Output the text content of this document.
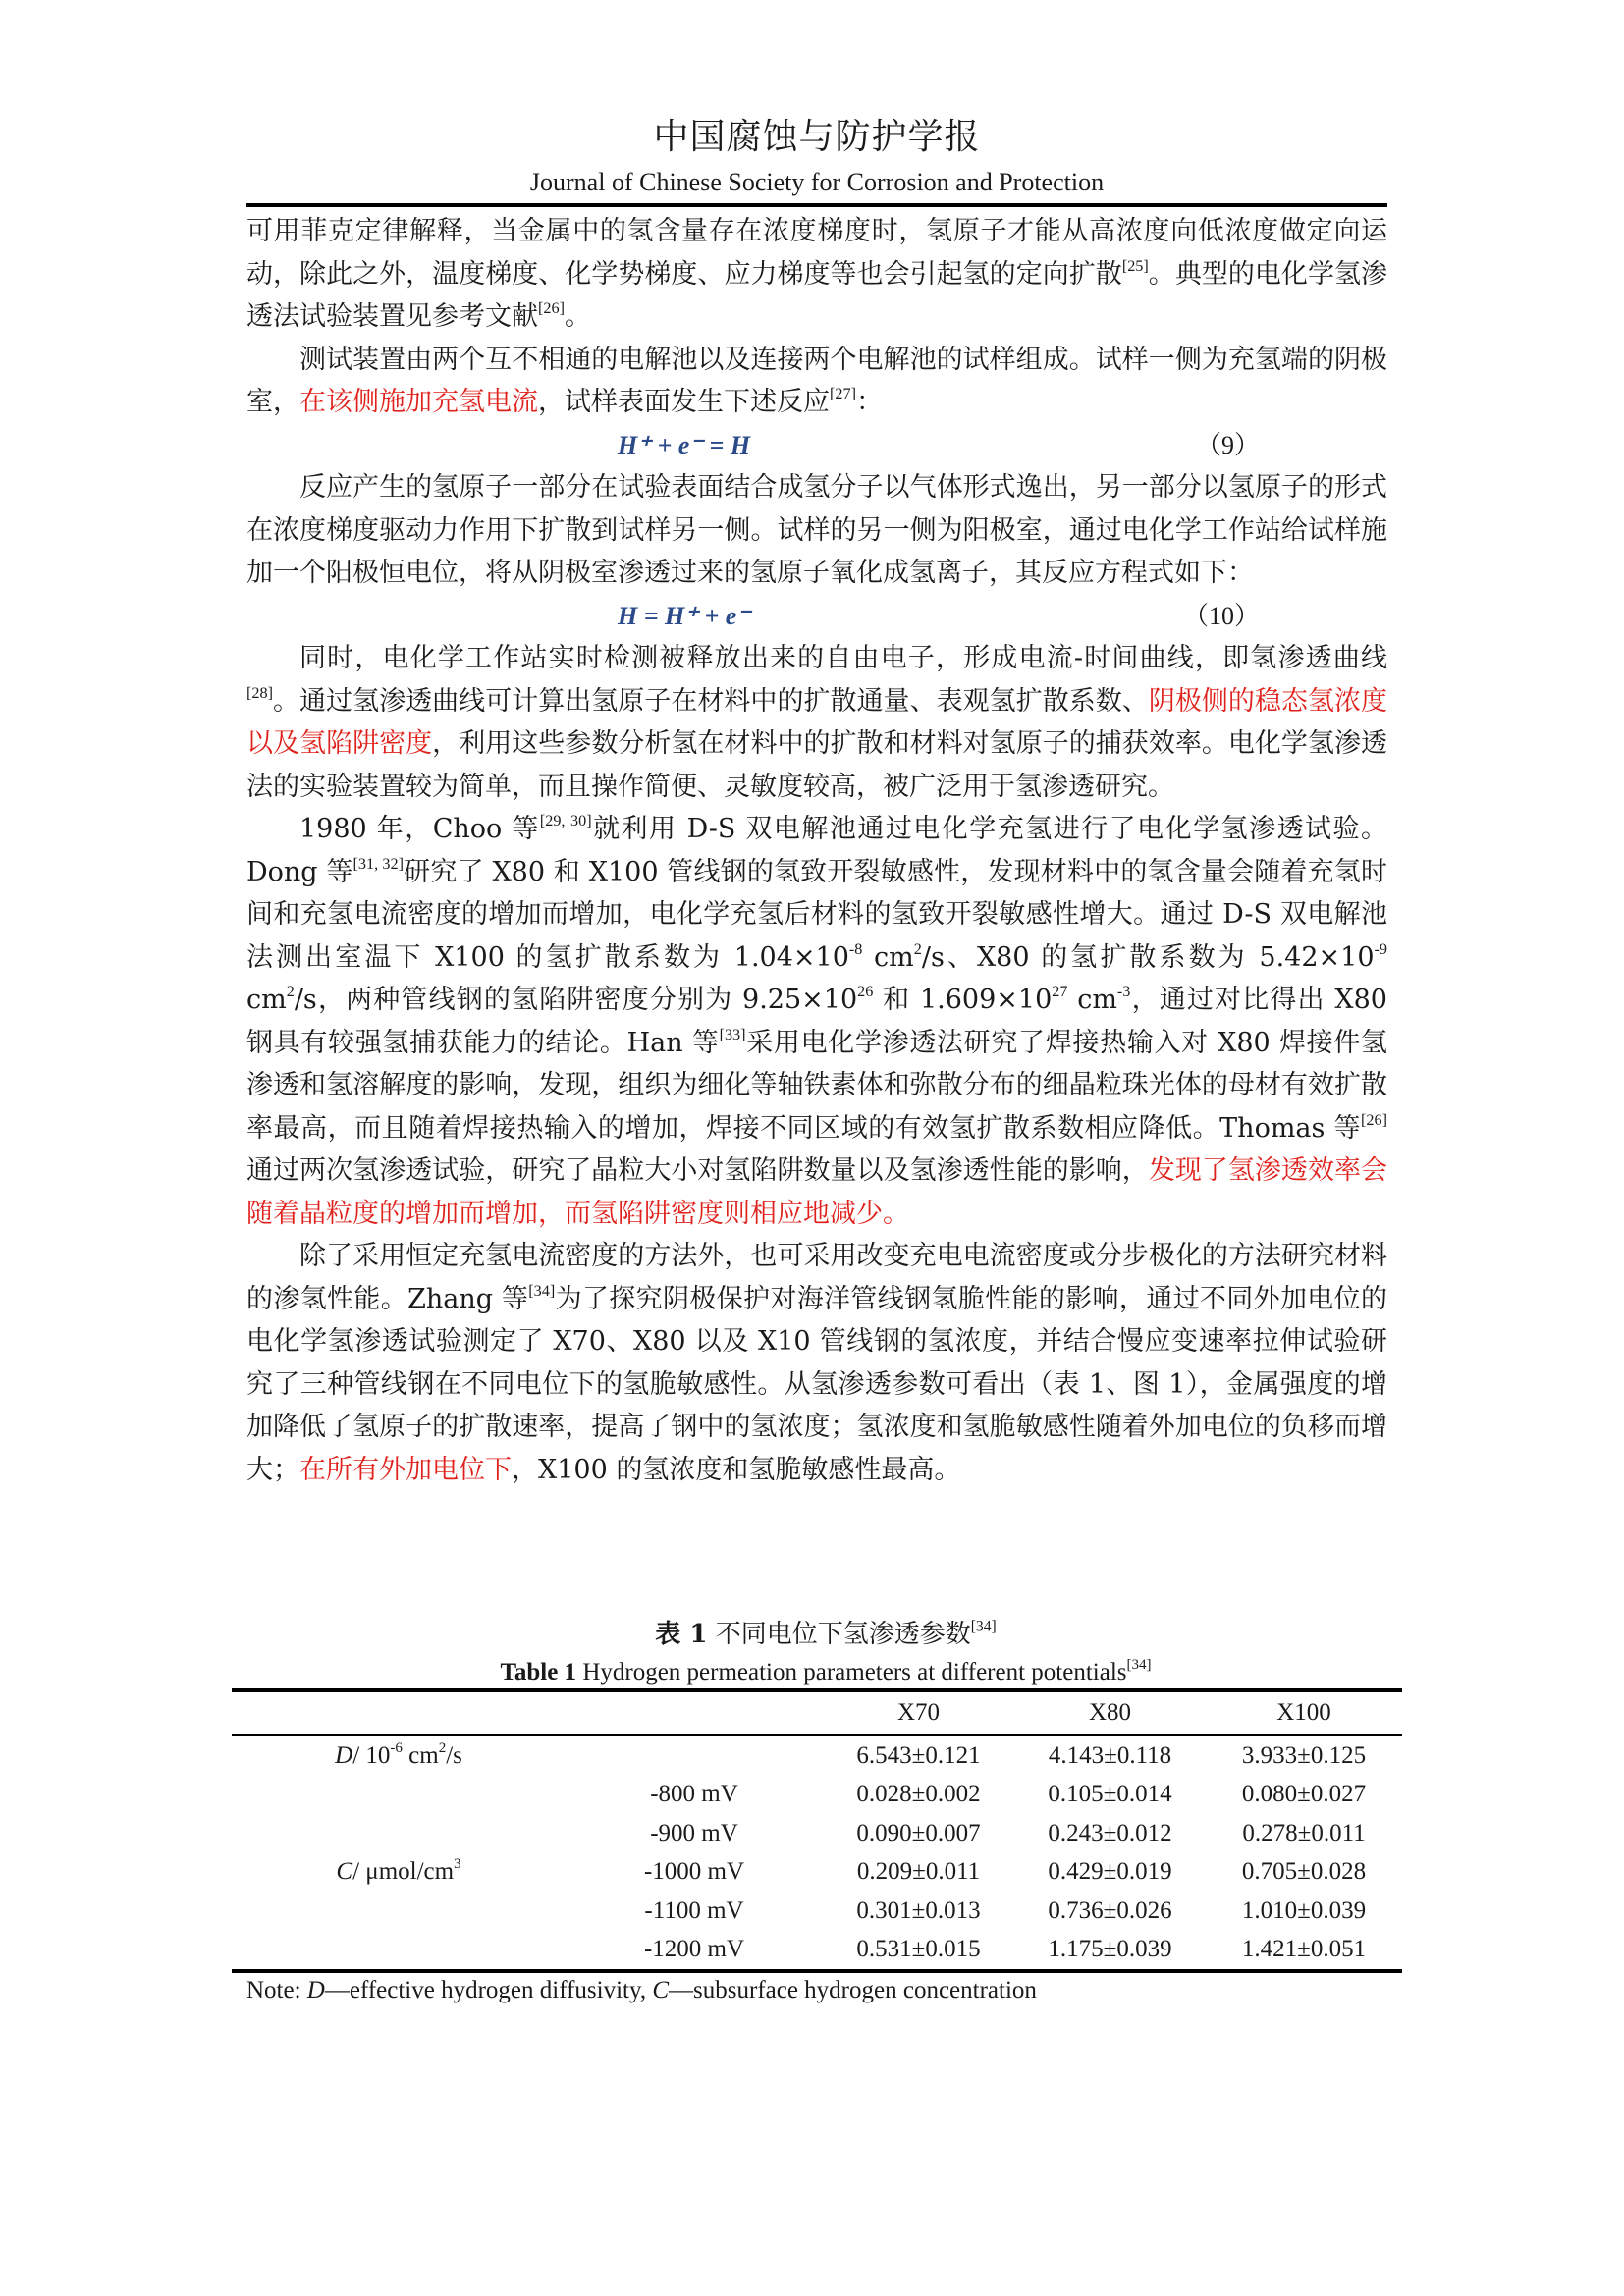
中国腐蚀与防护学报
Journal of Chinese Society for Corrosion and Protection

可用菲克定律解释，当金属中的氢含量存在浓度梯度时，氢原子才能从高浓度向低浓度做定向运动，除此之外，温度梯度、化学势梯度、应力梯度等也会引起氢的定向扩散[25]。典型的电化学氢渗透法试验装置见参考文献[26]。

测试装置由两个互不相通的电解池以及连接两个电解池的试样组成。试样一侧为充氢端的阴极室，在该侧施加充氢电流，试样表面发生下述反应[27]：

H⁺ + e⁻ = H	（9）

反应产生的氢原子一部分在试验表面结合成氢分子以气体形式逸出，另一部分以氢原子的形式在浓度梯度驱动力作用下扩散到试样另一侧。试样的另一侧为阳极室，通过电化学工作站给试样施加一个阳极恒电位，将从阴极室渗透过来的氢原子氧化成氢离子，其反应方程式如下：

H = H⁺ + e⁻	（10）

同时，电化学工作站实时检测被释放出来的自由电子，形成电流-时间曲线，即氢渗透曲线[28]。通过氢渗透曲线可计算出氢原子在材料中的扩散通量、表观氢扩散系数、阴极侧的稳态氢浓度以及氢陷阱密度，利用这些参数分析氢在材料中的扩散和材料对氢原子的捕获效率。电化学氢渗透法的实验装置较为简单，而且操作简便、灵敏度较高，被广泛用于氢渗透研究。

1980 年，Choo 等[29, 30]就利用 D-S 双电解池通过电化学充氢进行了电化学氢渗透试验。Dong 等[31, 32]研究了 X80 和 X100 管线钢的氢致开裂敏感性，发现材料中的氢含量会随着充氢时间和充氢电流密度的增加而增加，电化学充氢后材料的氢致开裂敏感性增大。通过 D-S 双电解池法测出室温下 X100 的氢扩散系数为 $1.04\times 10^{-8}$ $cm^2/s$、X80 的氢扩散系数为 $5.42\times 10^{-9}$ $cm^2/s$，两种管线钢的氢陷阱密度分别为 $9.25\times 10^{26}$ 和 $1.609\times 10^{27}$ $cm^{-3}$，通过对比得出 X80 钢具有较强氢捕获能力的结论。Han 等[33]采用电化学渗透法研究了焊接热输入对 X80 焊接件氢渗透和氢溶解度的影响，发现，组织为细化等轴铁素体和弥散分布的细晶粒珠光体的母材有效扩散率最高，而且随着焊接热输入的增加，焊接不同区域的有效氢扩散系数相应降低。Thomas 等[26]通过两次氢渗透试验，研究了晶粒大小对氢陷阱数量以及氢渗透性能的影响，发现了氢渗透效率会随着晶粒度的增加而增加，而氢陷阱密度则相应地减少。

除了采用恒定充氢电流密度的方法外，也可采用改变充电电流密度或分步极化的方法研究材料的渗氢性能。Zhang 等[34]为了探究阴极保护对海洋管线钢氢脆性能的影响，通过不同外加电位的电化学氢渗透试验测定了 X70、X80 以及 X10 管线钢的氢浓度，并结合慢应变速率拉伸试验研究了三种管线钢在不同电位下的氢脆敏感性。从氢渗透参数可看出（表 1、图 1），金属强度的增加降低了氢原子的扩散速率，提高了钢中的氢浓度；氢浓度和氢脆敏感性随着外加电位的负移而增大；在所有外加电位下，X100 的氢浓度和氢脆敏感性最高。

表 1 不同电位下氢渗透参数[34]
Table 1 Hydrogen permeation parameters at different potentials[34]
		X70	X80	X100
D/ $10^{-6}$ $cm^2/s$		6.543±0.121	4.143±0.118	3.933±0.125
	-800 mV	0.028±0.002	0.105±0.014	0.080±0.027
	-900 mV	0.090±0.007	0.243±0.012	0.278±0.011
C/ μmol/$cm^3$	-1000 mV	0.209±0.011	0.429±0.019	0.705±0.028
	-1100 mV	0.301±0.013	0.736±0.026	1.010±0.039
	-1200 mV	0.531±0.015	1.175±0.039	1.421±0.051
Note: D—effective hydrogen diffusivity, C—subsurface hydrogen concentration
